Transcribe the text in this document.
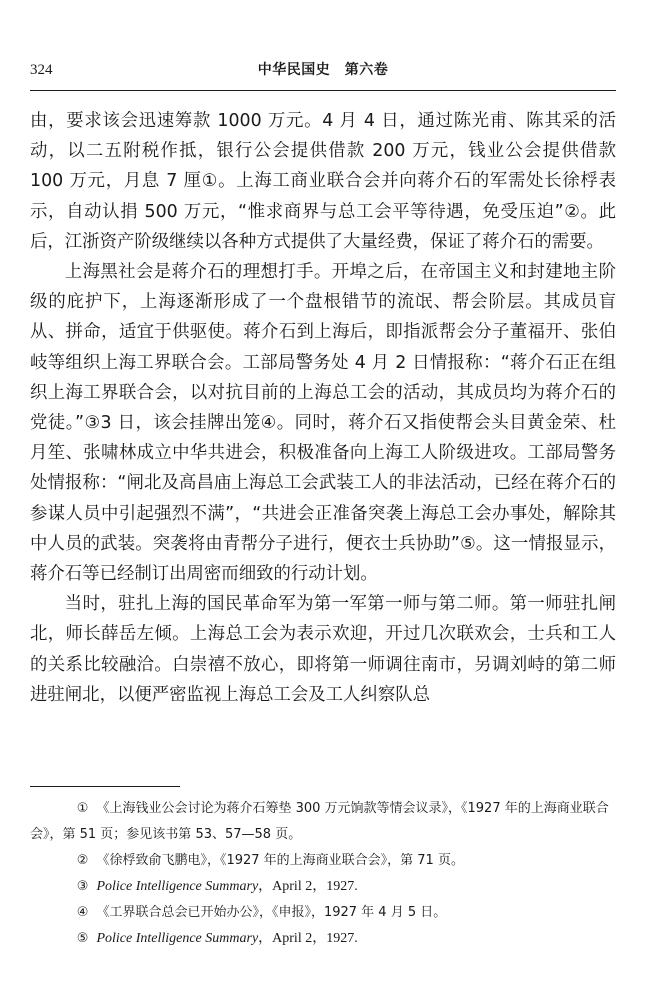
324	中华民国史　第六卷

由，要求该会迅速筹款 1000 万元。4 月 4 日，通过陈光甫、陈其采的活动，以二五附税作抵，银行公会提供借款 200 万元，钱业公会提供借款 100 万元，月息 7 厘①。上海工商业联合会并向蒋介石的军需处长徐桴表示，自动认捐 500 万元，“惟求商界与总工会平等待遇，免受压迫”②。此后，江浙资产阶级继续以各种方式提供了大量经费，保证了蒋介石的需要。

上海黑社会是蒋介石的理想打手。开埠之后，在帝国主义和封建地主阶级的庇护下，上海逐渐形成了一个盘根错节的流氓、帮会阶层。其成员盲从、拼命，适宜于供驱使。蒋介石到上海后，即指派帮会分子董福开、张伯岐等组织上海工界联合会。工部局警务处 4 月 2 日情报称：“蒋介石正在组织上海工界联合会，以对抗目前的上海总工会的活动，其成员均为蒋介石的党徒。”③3 日，该会挂牌出笼④。同时，蒋介石又指使帮会头目黄金荣、杜月笙、张啸林成立中华共进会，积极准备向上海工人阶级进攻。工部局警务处情报称：“闸北及高昌庙上海总工会武装工人的非法活动，已经在蒋介石的参谋人员中引起强烈不满”，“共进会正准备突袭上海总工会办事处，解除其中人员的武装。突袭将由青帮分子进行，便衣士兵协助”⑤。这一情报显示，蒋介石等已经制订出周密而细致的行动计划。

当时，驻扎上海的国民革命军为第一军第一师与第二师。第一师驻扎闸北，师长薛岳左倾。上海总工会为表示欢迎，开过几次联欢会，士兵和工人的关系比较融洽。白崇禧不放心，即将第一师调往南市，另调刘峙的第二师进驻闸北，以便严密监视上海总工会及工人纠察队总

① 《上海钱业公会讨论为蒋介石筹垫 300 万元饷款等情会议录》，《1927 年的上海商业联合会》，第 51 页；参见该书第 53、57—58 页。

② 《徐桴致俞飞鹏电》，《1927 年的上海商业联合会》，第 71 页。

③ Police Intelligence Summary，April 2，1927.

④ 《工界联合总会已开始办公》，《申报》，1927 年 4 月 5 日。

⑤ Police Intelligence Summary，April 2，1927.
